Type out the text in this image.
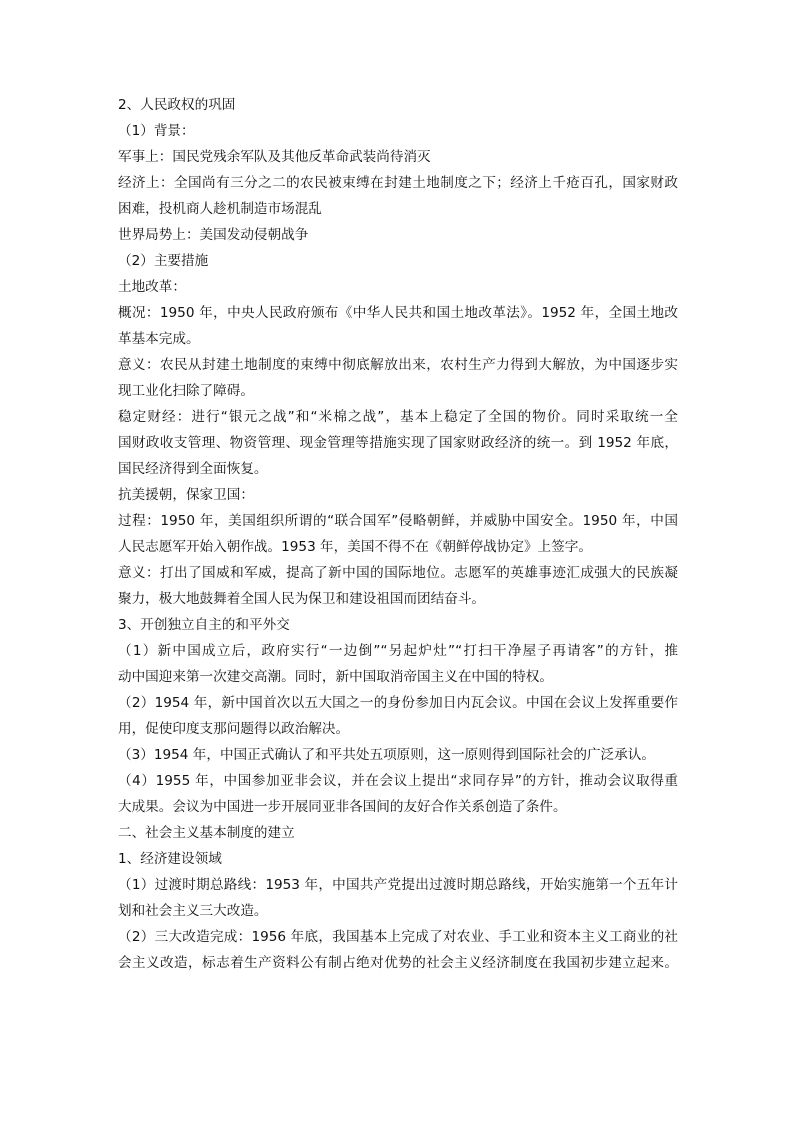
2、人民政权的巩固

（1）背景：

军事上：国民党残余军队及其他反革命武装尚待消灭

经济上：全国尚有三分之二的农民被束缚在封建土地制度之下；经济上千疮百孔，国家财政

困难，投机商人趁机制造市场混乱

世界局势上：美国发动侵朝战争

（2）主要措施

土地改革：

概况：1950 年，中央人民政府颁布《中华人民共和国土地改革法》。1952 年，全国土地改

革基本完成。

意义：农民从封建土地制度的束缚中彻底解放出来，农村生产力得到大解放，为中国逐步实

现工业化扫除了障碍。

稳定财经：进行“银元之战”和“米棉之战”，基本上稳定了全国的物价。同时采取统一全

国财政收支管理、物资管理、现金管理等措施实现了国家财政经济的统一。到 1952 年底，

国民经济得到全面恢复。

抗美援朝，保家卫国：

过程：1950 年，美国组织所谓的“联合国军”侵略朝鲜，并威胁中国安全。1950 年，中国

人民志愿军开始入朝作战。1953 年，美国不得不在《朝鲜停战协定》上签字。

意义：打出了国威和军威，提高了新中国的国际地位。志愿军的英雄事迹汇成强大的民族凝

聚力，极大地鼓舞着全国人民为保卫和建设祖国而团结奋斗。

3、开创独立自主的和平外交

（1）新中国成立后，政府实行“一边倒”“另起炉灶”“打扫干净屋子再请客”的方针，推

动中国迎来第一次建交高潮。同时，新中国取消帝国主义在中国的特权。

（2）1954 年，新中国首次以五大国之一的身份参加日内瓦会议。中国在会议上发挥重要作

用，促使印度支那问题得以政治解决。

（3）1954 年，中国正式确认了和平共处五项原则，这一原则得到国际社会的广泛承认。

（4）1955 年，中国参加亚非会议，并在会议上提出“求同存异”的方针，推动会议取得重

大成果。会议为中国进一步开展同亚非各国间的友好合作关系创造了条件。

二、社会主义基本制度的建立

1、经济建设领域

（1）过渡时期总路线：1953 年，中国共产党提出过渡时期总路线，开始实施第一个五年计

划和社会主义三大改造。

（2）三大改造完成：1956 年底，我国基本上完成了对农业、手工业和资本主义工商业的社

会主义改造，标志着生产资料公有制占绝对优势的社会主义经济制度在我国初步建立起来。
